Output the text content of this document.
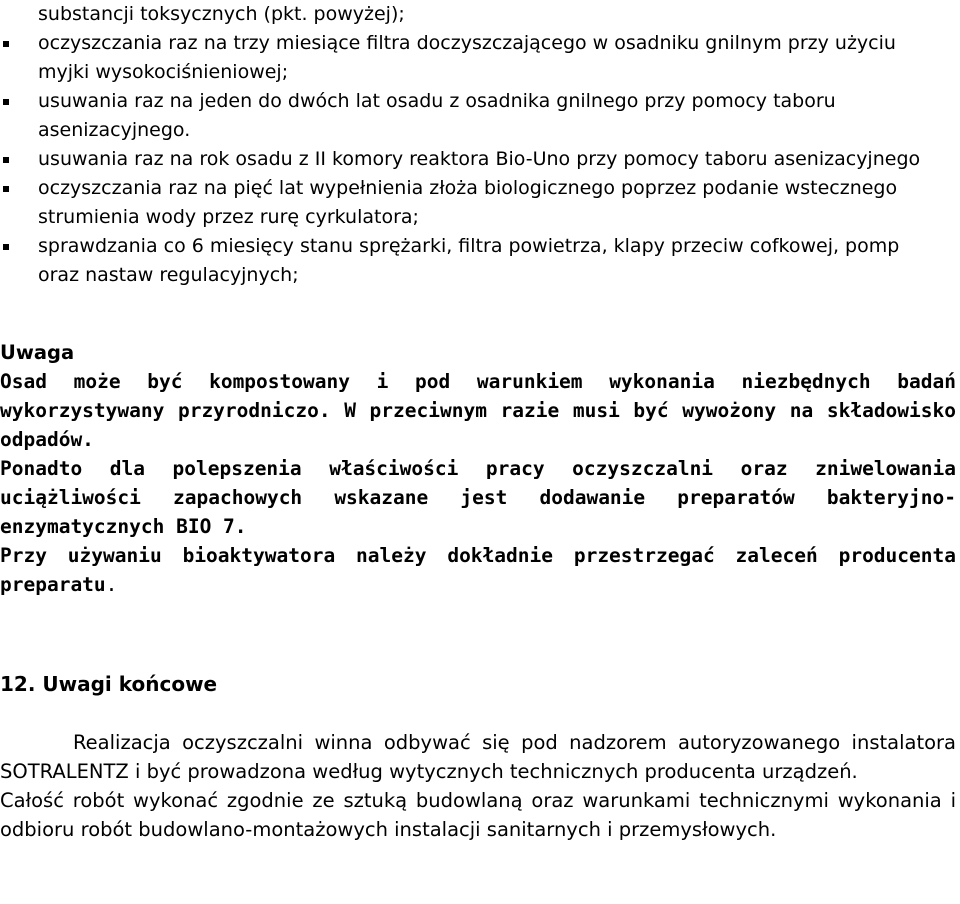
substancji toksycznych (pkt. powyżej);

oczyszczania raz na trzy miesiące filtra doczyszczającego w osadniku gnilnym przy użyciu myjki wysokociśnieniowej;
usuwania raz na jeden do dwóch lat osadu z osadnika gnilnego przy pomocy taboru asenizacyjnego.
usuwania raz na rok osadu z II komory reaktora Bio-Uno przy pomocy taboru asenizacyjnego
oczyszczania raz na pięć lat wypełnienia złoża biologicznego poprzez podanie wstecznego strumienia wody przez rurę cyrkulatora;
sprawdzania co 6 miesięcy stanu sprężarki, filtra powietrza, klapy przeciw cofkowej, pomp oraz nastaw regulacyjnych;

Uwaga

Osad może być kompostowany i pod warunkiem wykonania niezbędnych badań wykorzystywany przyrodniczo. W przeciwnym razie musi być wywożony na składowisko odpadów.

Ponadto dla polepszenia właściwości pracy oczyszczalni oraz zniwelowania uciążliwości zapachowych wskazane jest dodawanie preparatów bakteryjno-enzymatycznych BIO 7.

Przy używaniu bioaktywatora należy dokładnie przestrzegać zaleceń producenta preparatu.

12. Uwagi końcowe

Realizacja oczyszczalni winna odbywać się pod nadzorem autoryzowanego instalatora SOTRALENTZ i być prowadzona według wytycznych technicznych producenta urządzeń.

Całość robót wykonać zgodnie ze sztuką budowlaną oraz warunkami technicznymi wykonania i odbioru robót budowlano-montażowych instalacji sanitarnych i przemysłowych.
